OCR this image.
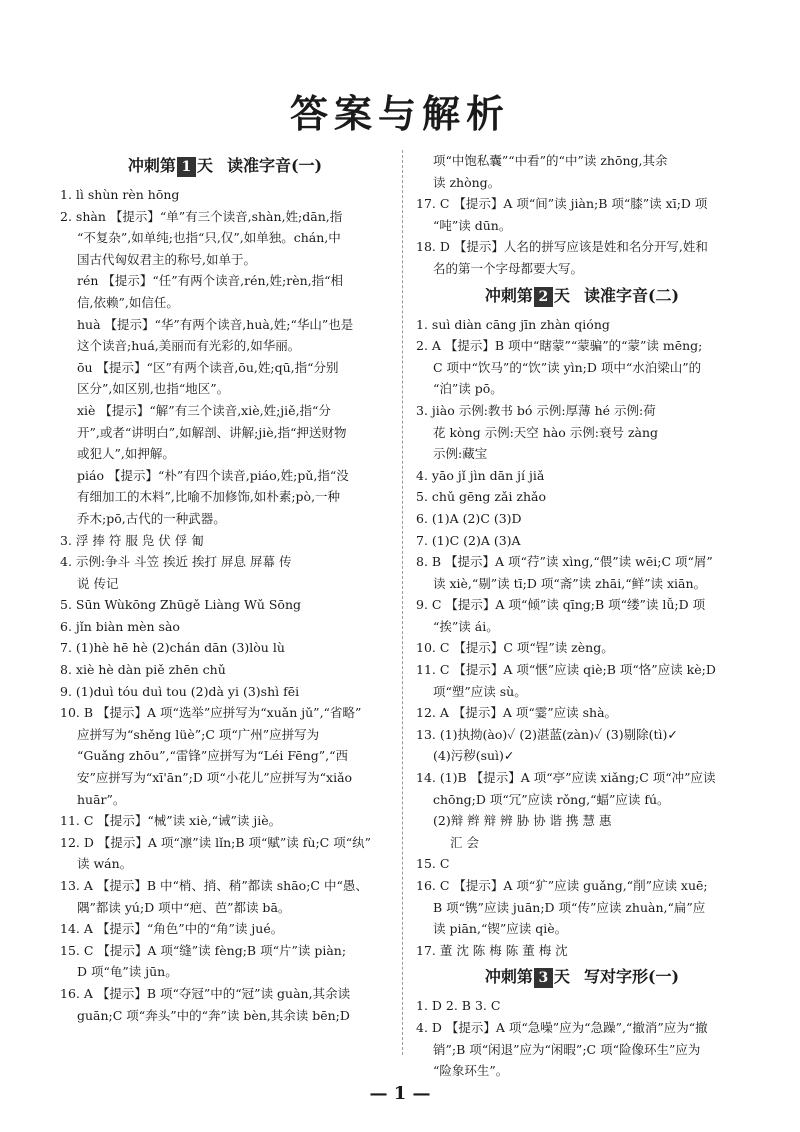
答案与解析
冲刺第 1 天 读准字音(一)
1. lì shùn rèn hōng
2. shàn 【提示】“单”有三个读音,shàn,姓;dān,指
“不复杂”,如单纯;也指“只,仅”,如单独。chán,中
国古代匈奴君主的称号,如单于。
rén 【提示】“任”有两个读音,rén,姓;rèn,指“相
信,依赖”,如信任。
huà 【提示】“华”有两个读音,huà,姓;“华山”也是
这个读音;huá,美丽而有光彩的,如华丽。
ōu 【提示】“区”有两个读音,ōu,姓;qū,指“分别
区分”,如区别,也指“地区”。
xiè 【提示】“解”有三个读音,xiè,姓;jiě,指“分
开”,或者“讲明白”,如解剖、讲解;jiè,指“押送财物
或犯人”,如押解。
piáo 【提示】“朴”有四个读音,piáo,姓;pǔ,指“没
有细加工的木料”,比喻不加修饰,如朴素;pò,一种
乔木;pō,古代的一种武器。
3. 浮 捧 符 服 凫 伏 俘 匍
4. 示例:争斗 斗笠 挨近 挨打 屏息 屏幕 传
说 传记
5. Sūn Wùkōng Zhūgě Liàng Wǔ Sōng
6. jǐn biàn mèn sào
7. (1)hè hē hè (2)chán dān (3)lòu lù
8. xiè hè dàn piě zhēn chǔ
9. (1)duì tóu duì tou (2)dà yi (3)shì fēi
10. B 【提示】A 项“选举”应拼写为“xuǎn jǔ”,“省略”
应拼写为“shěng lüè”;C 项“广州”应拼写为
“Guǎng zhōu”,“雷锋”应拼写为“Léi Fēng”,“西
安”应拼写为“xī'ān”;D 项“小花儿”应拼写为“xiǎo
huār”。
11. C 【提示】“械”读 xiè,“诫”读 jiè。
12. D 【提示】A 项“凛”读 lǐn;B 项“赋”读 fù;C 项“纨”
读 wán。
13. A 【提示】B 中“梢、捎、稍”都读 shāo;C 中“愚、
隅”都读 yú;D 项中“疤、芭”都读 bā。
14. A 【提示】“角色”中的“角”读 jué。
15. C 【提示】A 项“缝”读 fèng;B 项“片”读 piàn;
D 项“龟”读 jūn。
16. A 【提示】B 项“夺冠”中的“冠”读 guàn,其余读
guān;C 项“奔头”中的“奔”读 bèn,其余读 bēn;D
项“中饱私囊”“中看”的“中”读 zhōng,其余
读 zhòng。
17. C 【提示】A 项“间”读 jiàn;B 项“膝”读 xī;D 项
“吨”读 dūn。
18. D 【提示】人名的拼写应该是姓和名分开写,姓和
名的第一个字母都要大写。
冲刺第 2 天 读准字音(二)
1. suì diàn cāng jīn zhàn qióng
2. A 【提示】B 项中“瞎蒙”“蒙骗”的“蒙”读 mēng;
C 项中“饮马”的“饮”读 yìn;D 项中“水泊梁山”的
“泊”读 pō。
3. jiào 示例:教书 bó 示例:厚薄 hé 示例:荷
花 kòng 示例:天空 hào 示例:衰号 zàng
示例:藏宝
4. yāo jǐ jìn dān jí jiǎ
5. chǔ gēng zǎi zhǎo
6. (1)A (2)C (3)D
7. (1)C (2)A (3)A
8. B 【提示】A 项“荇”读 xìng,“偎”读 wēi;C 项“屑”
读 xiè,“剔”读 tī;D 项“斋”读 zhāi,“鲜”读 xiān。
9. C 【提示】A 项“倾”读 qīng;B 项“缕”读 lǚ;D 项
“挨”读 ái。
10. C 【提示】C 项“锃”读 zèng。
11. C 【提示】A 项“惬”应读 qiè;B 项“恪”应读 kè;D
项“塑”应读 sù。
12. A 【提示】A 项“霎”应读 shà。
13. (1)执拗(ào)✓ (2)湛蓝(zàn)✓ (3)剔除(tì)✓
(4)污秽(suì)✓
14. (1)B 【提示】A 项“亭”应读 xiǎng;C 项“冲”应读
chōng;D 项“冗”应读 rǒng,“蝠”应读 fú。
(2)辩 辫 辩 辨 胁 协 谐 携 慧 惠
汇 会
15. C
16. C 【提示】A 项“犷”应读 guǎng,“削”应读 xuē;
B 项“镌”应读 juān;D 项“传”应读 zhuàn,“扁”应
读 piān,“锲”应读 qiè。
17. 董 沈 陈 梅 陈 董 梅 沈
冲刺第 3 天 写对字形(一)
1. D 2. B 3. C
4. D 【提示】A 项“急噪”应为“急躁”,“撤消”应为“撤
销”;B 项“闲退”应为“闲暇”;C 项“险像环生”应为
“险象环生”。
— 1 —
